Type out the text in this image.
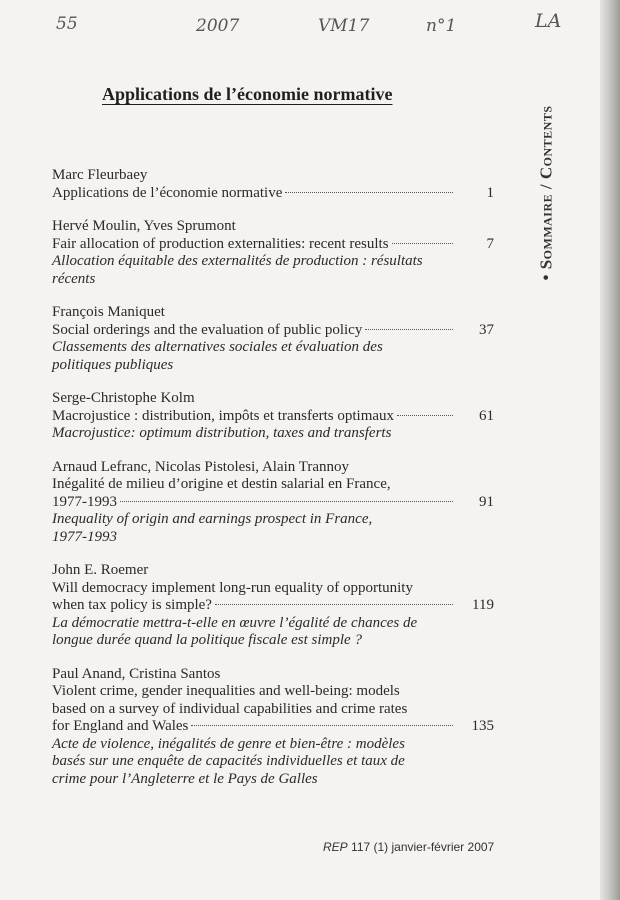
55	2007	VM17	n°1	LA
Applications de l’économie normative
• Sommaire / Contents
Marc Fleurbaey
Applications de l’économie normative	1
Hervé Moulin, Yves Sprumont
Fair allocation of production externalities: recent results	7
Allocation équitable des externalités de production : résultats
récents
François Maniquet
Social orderings and the evaluation of public policy	37
Classements des alternatives sociales et évaluation des
politiques publiques
Serge-Christophe Kolm
Macrojustice : distribution, impôts et transferts optimaux	61
Macrojustice: optimum distribution, taxes and transferts
Arnaud Lefranc, Nicolas Pistolesi, Alain Trannoy
Inégalité de milieu d’origine et destin salarial en France,
1977-1993	91
Inequality of origin and earnings prospect in France,
1977-1993
John E. Roemer
Will democracy implement long-run equality of opportunity
when tax policy is simple?	119
La démocratie mettra-t-elle en œuvre l’égalité de chances de
longue durée quand la politique fiscale est simple ?
Paul Anand, Cristina Santos
Violent crime, gender inequalities and well-being: models
based on a survey of individual capabilities and crime rates
for England and Wales	135
Acte de violence, inégalités de genre et bien-être : modèles
basés sur une enquête de capacités individuelles et taux de
crime pour l’Angleterre et le Pays de Galles
REP 117 (1) janvier-février 2007
